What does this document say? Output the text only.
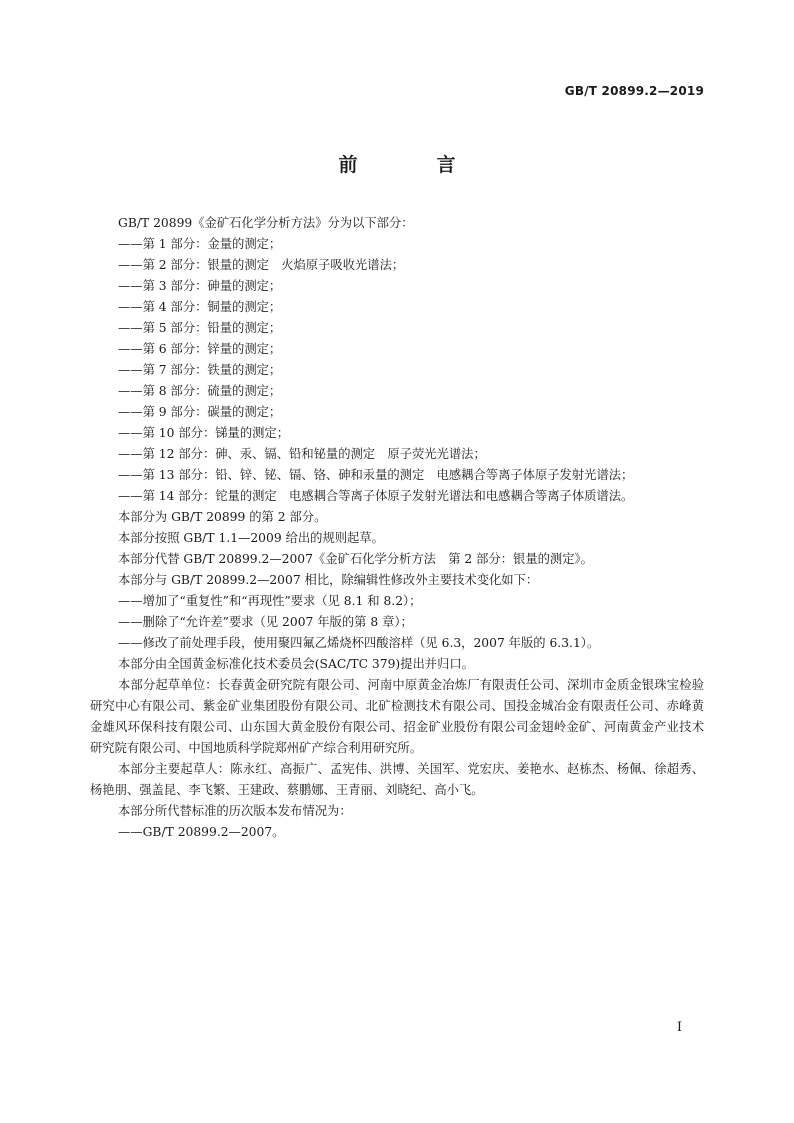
GB/T 20899.2—2019
前　言
GB/T 20899《金矿石化学分析方法》分为以下部分：
——第 1 部分：金量的测定；
——第 2 部分：银量的测定　火焰原子吸收光谱法；
——第 3 部分：砷量的测定；
——第 4 部分：铜量的测定；
——第 5 部分：铅量的测定；
——第 6 部分：锌量的测定；
——第 7 部分：铁量的测定；
——第 8 部分：硫量的测定；
——第 9 部分：碳量的测定；
——第 10 部分：锑量的测定；
——第 12 部分：砷、汞、镉、铅和铋量的测定　原子荧光光谱法；
——第 13 部分：铅、锌、铋、镉、铬、砷和汞量的测定　电感耦合等离子体原子发射光谱法；
——第 14 部分：铊量的测定　电感耦合等离子体原子发射光谱法和电感耦合等离子体质谱法。
本部分为 GB/T 20899 的第 2 部分。
本部分按照 GB/T 1.1—2009 给出的规则起草。
本部分代替 GB/T 20899.2—2007《金矿石化学分析方法　第 2 部分：银量的测定》。
本部分与 GB/T 20899.2—2007 相比，除编辑性修改外主要技术变化如下：
——增加了“重复性”和“再现性”要求（见 8.1 和 8.2）；
——删除了“允许差”要求（见 2007 年版的第 8 章）；
——修改了前处理手段，使用聚四氟乙烯烧杯四酸溶样（见 6.3，2007 年版的 6.3.1）。
本部分由全国黄金标准化技术委员会(SAC/TC 379)提出并归口。
本部分起草单位：长春黄金研究院有限公司、河南中原黄金冶炼厂有限责任公司、深圳市金质金银珠宝检验研究中心有限公司、紫金矿业集团股份有限公司、北矿检测技术有限公司、国投金城冶金有限责任公司、赤峰黄金雄风环保科技有限公司、山东国大黄金股份有限公司、招金矿业股份有限公司金翅岭金矿、河南黄金产业技术研究院有限公司、中国地质科学院郑州矿产综合利用研究所。
本部分主要起草人：陈永红、高振广、孟宪伟、洪博、关国军、党宏庆、姜艳水、赵栋杰、杨佩、徐超秀、杨艳朋、强盖昆、李飞繁、王建政、蔡鹏娜、王青丽、刘晓纪、高小飞。
本部分所代替标准的历次版本发布情况为：
——GB/T 20899.2—2007。
I
